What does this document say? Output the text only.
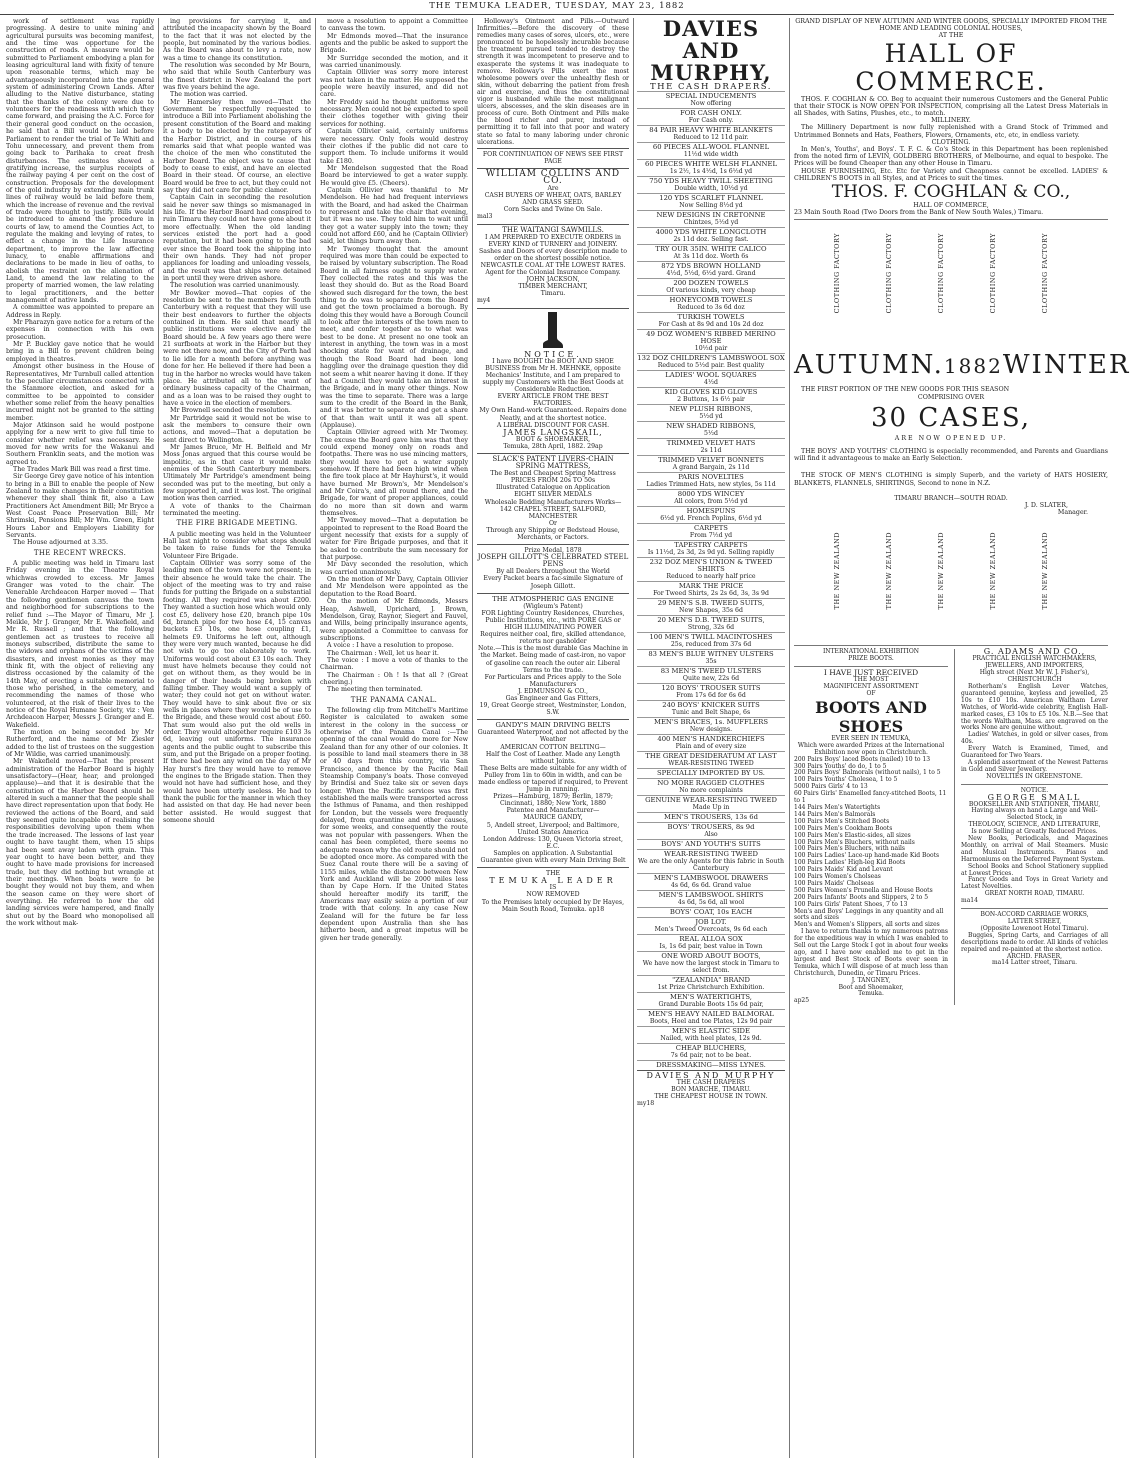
THE TEMUKA LEADER, TUESDAY, MAY 23, 1882

work of settlement was rapidly progressing. A desire to unite mining and agricultural pursuits was becoming manifest, and the time was opportune for the construction of roads. A measure would be submitted to Parliament embodying a plan for leasing agricultural land with fixity of tenure upon reasonable terms, which may be advantageously incorporated into the general system of administering Crown Lands. After alluding to the Native disturbance, stating that the thanks of the colony were due to volunteers for the readiness with which they came forward, and praising the A.C. Force for their general good conduct on the occasion, he said that a Bill would be laid before Parliament to render the trial of Te Whiti and Tohu unnecessary, and prevent them from going back to Parihaka to creat fresh disturbances. The estimates showed a gratifying increase, the surplus receipts of the railway paying 4 per cent on the cost of construction. Proposals for the development of the gold industry by extending main trunk lines of railway would be laid before them, which the increase of revenue and the revival of trade were thought to justify. Bills would be introduced to amend the procedure in courts of law, to amend the Counties Act, to regulate the making and levying of rates, to effect a change in the Life Insurance department, to improve the law affecting lunacy, to enable affirmations and declarations to be made in lieu of oaths, to abolish the restraint on the alienation of Land, to amend the law relating to the property of married women, the law relating to legal practitioners, and the better management of native lands.

A committee was appointed to prepare an Address in Reply.

Mr Pharazyn gave notice for a return of the expenses in connection with his own prosecution.

Mr P. Buckley gave notice that he would bring in a Bill to prevent children being employed in theatres.

Amongst other business in the House of Representatives, Mr Turnbull called attention to the peculiar circumstances connected with the Stanmore election, and asked for a committee to be appointed to consider whether some relief from the heavy penalties incurred might not be granted to the sitting member.

Major Atkinson said he would postpone applying for a new writ to give full time to consider whether relief was necessary. He moved for new writs for the Wakanui and Southern Franklin seats, and the motion was agreed to.

The Trades Mark Bill was read a first time.

Sir George Grey gave notice of his intention to bring in a Bill to enable the people of New Zealand to make changes in their constitution whenever they shall think fit, also a Law Practitioners Act Amendment Bill; Mr Bryce a West Coast Peace Preservation Bill; Mr Shrimski, Pensions Bill; Mr Wm. Green, Eight Hours Labor and Employers Liability for Servants.

The House adjourned at 3.35.

THE RECENT WRECKS.

A public meeting was held in Timaru last Friday evening in the Theatre Royal whichwas crowded to excess. Mr James Granger was voted to the chair. The Venerable Archdeacon Harper moved — That the following gentlemen canvass the town and neighborhood for subscriptions to the relief fund :—The Mayor of Timaru, Mr J. Meikle, Mr J. Granger, Mr E. Wakefield, and Mr R. Russell ; and that the following gentlemen act as trustees to receive all moneys subscribed, distribute the same to the widows and orphans of the victims of the disasters, and invest monies as they may think fit, with the object of relieving any distress occasioned by the calamity of the 14th May, of erecting a suitable memorial to those who perished, in the cemetery, and recommending the names of those who volunteered, at the risk of their lives to the notice of the Royal Humane Society, viz : Ven Archdeacon Harper, Messrs J. Granger and E. Wakefield.

The motion on being seconded by Mr Rutherford, and the name of Mr Ziesler added to the list of trustees on the suggestion of Mr Wildie, was carried unanimously.

Mr Wakefield moved—That the present administration of the Harbor Board is highly unsatisfactory—(Hear, hear, and prolonged applause)—and that it is desirable that the constitution of the Harbor Board should be altered in such a manner that the people shall have direct representation upon that body. He reviewed the actions of the Board, and said they seemed quite incapable of realising the responsibilities devolving upon them when the trade increased. The lessons of last year ought to have taught them, when 15 ships had been sent away laden with grain. This year ought to have been better, and they ought to have made provisions for increased trade, but they did nothing but wrangle at their meetings. When boats were to be bought they would not buy them, and when the season came on they were short of everything. He referred to how the old landing services were hampered, and finally shut out by the Board who monopolised all the work without mak-

ing provisions for carrying it, and attributed the incapacity shown by the Board to the fact that it was not elected by the people, but nominated by the various bodies. As the Board was about to levy a rate, now was a time to change its constitution.

The resolution was seconded by Mr Bourn, who said that while South Canterbury was the finest district in New Zealand the port was five years behind the age.

The motion was carried.

Mr Hamersley then moved—That the Government be respectfully requested to introduce a Bill into Parliament abolishing the present constitution of the Board and making it a body to be elected by the ratepayers of the Harbor District, and in course of his remarks said that what people wanted was the choice of the men who constituted the Harbor Board. The object was to cause that body to cease to exist, and have an elected Board in their stead. Of course, an elective Board would be free to act, but they could not say they did not care for public clamor.

Captain Cain in seconding the resolution said he never saw things so mismanaged in his life. If the Harbor Board had conspired to ruin Timaru they could not have gone about it more effectually. When the old landing services existed the port had a good reputation, but it had been going to the bad ever since the Board took the shipping into their own hands. They had not proper appliances for loading and unloading vessels, and the result was that ships were detained in port until they were driven ashore.

The resolution was carried unanimously.

Mr Bowker moved—That copies of the resolution be sent to the members for South Canterbury with a request that they will use their best endeavors to further the objects contained in them. He said that nearly all public institutions were elective and the Board should be. A few years ago there were 21 surfboats at work in the Harbor but they were not there now, and the City of Perth had to lie idle for a month before anything was done for her. He believed if there had been a tug in the harbor no wrecks would have taken place. He attributed all to the want of ordinary business capacity of the Chairman, and as a loan was to be raised they ought to have a voice in the election of members.

Mr Brownell seconded the resolution.

Mr Partridge said it would not be wise to ask the members to censure their own actions, and moved—That a deputation be sent direct to Wellington.

Mr James Bruce, Mr H. Belfield and Mr Moss Jonas argued that this course would be impolitic, as in that case it would make enemies of the South Canterbury members. Ultimately Mr Partridge's amendment being seconded was put to the meeting, but only a few supported it, and it was lost. The original motion was then carried.

A vote of thanks to the Chairman terminated the meeting.

THE FIRE BRIGADE MEETING.

A public meeting was held in the Volunteer Hall last night to consider what steps should be taken to raise funds for the Temuka Volunteer Fire Brigade.

Captain Ollivier was sorry some of the leading men of the town were not present; in their absence he would take the chair. The object of the meeting was to try and raise funds for putting the Brigade on a substantial footing. All they required was about £200. They wanted a suction hose which would only cost £5, delivery hose £20, branch pipe 10s 6d, branch pipe for two hose £4, 15 canvas buckets £3 10s, one hose coupling £1, helmets £9. Uniforms he left out, although they were very much wanted, because he did not wish to go too elaborately to work. Uniforms would cost about £3 10s each. They must have helmets because they could not get on without them, as they would be in danger of their heads being broken with falling timber. They would want a supply of water; they could not get on without water. They would have to sink about five or six wells in places where they would be of use to the Brigade, and these would cost about £60. That sum would also put the old wells in order. They would altogether require £103 3s 6d, leaving out uniforms. The insurance agents and the public ought to subscribe this sum, and put the Brigade on a proper footing. If there had been any wind on the day of Mr Hay hurst's fire they would have to remove the engines to the Brigade station. Then they would not have had sufficient hose, and they would have been utterly useless. He had to thank the public for the manner in which they had assisted on that day. He had never been better assisted. He would suggest that someone should

move a resolution to appoint a Committee to canvass the town.

Mr Edmonds moved—That the insurance agents and the public be asked to support the Brigade.

Mr Surridge seconded the motion, and it was carried unanimously.

Captain Ollivier was sorry more interest was not taken in the matter. He supposed the people were heavily insured, and did not care.

Mr Freddy said he thought uniforms were necessary. Men could not be expected to spoil their clothes together with giving their services for nothing.

Captain Ollivier said, certainly uniforms were necessary. Only fools would destroy their clothes if the public did not care to support them. To include uniforms it would take £180.

Mr Mendelson suggested that the Road Board be interviewed to get a water supply. He would give £5. (Cheers).

Captain Ollivier was thankful to Mr Mendelson. He had had frequent interviews with the Board, and had asked the Chairman to represent and take the chair that evening, but it was no use. They told him to wait until they got a water supply into the town; they could not afford £60, and he (Captain Ollivier) said, let things burn away then.

Mr Twomey thought that the amount required was more than could be expected to be raised by voluntary subscription. The Road Board in all fairness ought to supply water. They collected the rates and this was the least they should do. But as the Road Board showed such disregard for the town, the best thing to do was to separate from the Board and get the town proclaimed a borough. By doing this they would have a Borough Council to look after the interests of the town men to meet, and confer together as to what was best to be done. At present no one took an interest in anything, the town was in a most shocking state for want of drainage, and though the Road Board had been long haggling over the drainage question they did not seem a whit nearer having it done. If they had a Council they would take an interest in the Brigade, and in many other things. Now was the time to separate. There was a large sum to the credit of the Board in the Bank, and it was better to separate and get a share of that than wait until it was all spent. (Applause).

Captain Ollivier agreed with Mr Twomey. The excuse the Board gave him was that they could expend money only on roads and footpaths. There was no use mincing matters, they would have to get a water supply somehow. If there had been high wind when the fire took place at Mr Hayhurst's, it would have burned Mr Brown's, Mr Mendelson's and Mr Coira's, and all round there, and the Brigade, for want of proper appliances, could do no more than sit down and warm themselves.

Mr Twomey moved—That a deputation be appointed to represent to the Road Board the urgent necessity that exists for a supply of water for Fire Brigade purposes, and that it be asked to contribute the sum necessary for that purpose.

Mr Davy seconded the resolution, which was carried unanimously.

On the motion of Mr Davy, Captain Ollivier and Mr Mendelson were appointed as the deputation to the Road Board.

On the motion of Mr Edmonds, Messrs Heap, Ashwell, Uprichard, J. Brown, Mendelson, Gray, Raynor, Siegert and Fauvel, and Wills, being principally insurance agents, were appointed a Committee to canvass for subscriptions.

A voice : I have a resolution to propose.

The Chairman : Well, let us hear it.

The voice : I move a vote of thanks to the Chairman.

The Chairman : Oh ! Is that all ? (Great cheering.)

The meeting then terminated.

THE PANAMA CANAL.

The following clip from Mitchell's Maritime Register is calculated to awaken some interest in the colony in the success or otherwise of the Panama Canal :—The opening of the canal would do more for New Zealand than for any other of our colonies. It is possible to land mail steamers there in 38 or 40 days from this country, via San Francisco, and thence by the Pacific Mail Steamship Company's boats. Those conveyed by Brindisi and Suez take six or seven days longer. When the Pacific services was first established the mails were transported across the Isthmus of Panama, and then reshipped for London, but the vessels were frequently delayed, from quarantine and other causes, for some weeks, and consequently the route was not popular with passengers. When the canal has been completed, there seems no adequate reason why the old route should not be adopted once more. As compared with the Suez Canal route there will be a saving of 1155 miles, while the distance between New York and Auckland will be 2000 miles less than by Cape Horn. If the United States should hereafter modify its tariff, the Americans may easily seize a portion of our trade with that colony. In any case New Zealand will for the future be far less dependent upon Australia than she has hitherto been, and a great impetus will be given her trade generally.

Holloway's Ointment and Pills.—Outward Infirmities.—Before the discovery of these remedies many cases of sores, ulcers, etc., were pronounced to be hopelessly incurable because the treatment pursued tended to destroy the strength it was incompetent to preserve and to exasperate the systems it was inadequate to remove. Holloway's Pills exert the most wholesome powers over the unhealthy flesh or skin, without debarring the patient from fresh air and exercise, and thus the constitutional vigor is husbanded while the most malignant ulcers, abscesses, and the skin diseases are in process of cure. Both Ointment and Pills make the blood richer and purer, instead of permitting it to fall into that poor and watery state so fatal to many laboring under chronic ulcerations.

FOR CONTINUATION OF NEWS SEE FIRST PAGE
WILLIAM COLLINS AND CO.
Are
CASH BUYERS OF WHEAT, OATS, BARLEY AND GRASS SEED.
Corn Sacks and Twine On Sale.
mal3
THE WAITANGI SAWMILLS.
I AM PREPARED TO EXECUTE ORDERS in EVERY KIND of TURNERY and JOINERY.
Sashes and Doors of every description made to order on the shortest possible notice.
NEWCASTLE COAL AT THE LOWEST RATES.
Agent for the Colonial Insurance Company.
JOHN JACKSON,
TIMBER MERCHANT,
Timaru.
my4
NOTICE.
I have BOUGHT the BOOT AND SHOE BUSINESS from Mr H. MEHNKE, opposite Mechanics' Institute, and I am prepared to supply my Customers with the Best Goods at Considerable Reduction.
EVERY ARTICLE FROM THE BEST FACTORIES.
My Own Hand-work Guaranteed. Repairs done Neatly, and at the shortest notice.
A LIBERAL DISCOUNT FOR CASH.
JAMES LANGSKAIL,
BOOT & SHOEMAKER,
Temuka, 28th April, 1882. 29ap
SLACK'S PATENT LIVERS-CHAIN SPRING MATTRESS,
The Best and Cheapest Spring Mattress
PRICES FROM 20s TO 50s
Illustrated Catalogue on Application
EIGHT SILVER MEDALS
Wholesale Bedding Manufacturers Works—
142 CHAPEL STREET, SALFORD, MANCHESTER
Or
Through any Shipping or Bedstead House, Merchants, or Factors.
Prize Medal, 1878
JOSEPH GILLOTT'S CELEBRATED STEEL PENS
By all Dealers throughout the World
Every Packet bears a fac-simile Signature of Joseph Gillott.
THE ATMOSPHERIC GAS ENGINE
(Wigleum's Patent)
FOR Lighting Country Residences, Churches, Public Institutions, etc., with PORE GAS or HIGH ILLUMINATING POWER
Requires neither coal, fire, skilled attendance, retorts nor gasholder
Note.—This is the most durable Gas Machine in the Market. Being made of cast-iron, no vapor of gasoline can reach the outer air. Liberal Terms to the trade.
For Particulars and Prices apply to the Sole Manufacturers
J. EDMUNSON & CO.,
Gas Engineer and Gas Fitters,
19, Great George street, Westminster, London, S.W.
GANDY'S MAIN DRIVING BELTS
Guaranteed Waterproof, and not affected by the Weather
AMERICAN COTTON BELTING—
Half the Cost of Leather. Made any Length without Joints.
These Belts are made suitable for any width of Pulley from 1in to 60in in width, and can be made endless or tapered if required, to Prevent Jump in running.
Prizes—Hamburg, 1879; Berlin, 1879; Cincinnati, 1880; New York, 1880
Patentee and Manufacturer—
MAURICE GANDY,
5, Andell street, Liverpool; and Baltimore, United States America
London Address: 130, Queen Victoria street, E.C.
Samples on application. A Substantial Guarantee given with every Main Driving Belt
THE
TEMUKA LEADER
IS
NOW REMOVED
To the Premises lately occupied by Dr Hayes,
Main South Road, Temuka. ap18
DAVIES AND
MURPHY,
THE CASH DRAPERS.
SPECIAL INDUCEMENTS
Now offering
FOR CASH ONLY.
For Cash only.
84 PAIR HEAVY WHITE BLANKETS
Reduced to 12 11d pair.
60 PIECES ALL-WOOL FLANNEL
11½d wide width
60 PIECES WHITE WELSH FLANNEL
1s 2½, 1s 4½d, 1s 6½d yd
750 YDS HEAVY TWILL SHEETING
Double width, 10½d yd
120 YDS SCARLET FLANNEL
Now Selling 8½d yd
NEW DESIGNS IN CRETONNE
Chintzes, 5½d yd
4000 YDS WHITE LONGCLOTH
2s 11d doz. Selling fast.
TRY OUR 35IN. WHITE CALICO
At 3s 11d doz. Worth 6s
872 YDS BROWN HOLLAND
4½d, 5½d, 6½d yard. Grand
200 DOZEN TOWELS
Of various kinds, very cheap
HONEYCOMB TOWELS
Reduced to 3s 6d doz
TURKISH TOWELS
For Cash at 8s 9d and 10s 2d doz
49 DOZ WOMEN'S RIBBED MERINO HOSE
10½d pair
132 DOZ CHILDREN'S LAMBSWOOL SOX
Reduced to 5½d pair. Best quality
LADIES' WOOL SQUARES
4½d
KID GLOVES KID GLOVES
2 Buttons, 1s 6½ pair
NEW PLUSH RIBBONS,
5½d yd
NEW SHADED RIBBONS,
5½d
TRIMMED VELVET HATS
2s 11d
TRIMMED VELVET BONNETS
A grand Bargain, 2s 11d
PARIS NOVELTIES
Ladies Trimmed Hats, new styles, 5s 11d
8000 YDS WINCEY
All colors, from 5½d yd
HOMESPUNS
6½d yd. French Poplins, 6½d yd
CARPETS
From 7½d yd
TAPESTRY CARPETS
Is 11½d, 2s 3d, 2s 9d yd. Selling rapidly
232 DOZ MEN'S UNION & TWEED SHIRTS
Reduced to nearly half price
MARK THE PRICE
For Tweed Shirts, 2s 2s 6d, 3s, 3s 9d
29 MEN'S S.B. TWEED SUITS,
New Shapes, 35s 6d
20 MEN'S D.B. TWEED SUITS,
Strong, 32s 6d
100 MEN'S TWILL MACINTOSHES
25s, reduced from 37s 6d
83 MEN'S BLUE WITNEY ULSTERS
35s
83 MEN'S TWEED ULSTERS
Quite new, 22s 6d
120 BOYS' TROUSER SUITS
From 17s 6d for 6s 6d
240 BOYS' KNICKER SUITS
Tunic and Belt Shape, 6s
MEN'S BRACES, 1s. MUFFLERS
New designs.
400 MEN'S HANDKERCHIEFS
Plain and of every size
THE GREAT DESIDERATUM AT LAST
WEAR-RESISTING TWEED
SPECIALLY IMPORTED BY US.
NO MORE RAGGED CLOTHES
No more complaints
GENUINE WEAR-RESISTING TWEED
Made Up in
MEN'S TROUSERS, 13s 6d
BOYS' TROUSERS, 8s 9d
Also
BOYS' AND YOUTH'S SUITS
WEAR-RESISTING TWEED
We are the only Agents for this fabric in South Canterbury
MEN'S LAMBSWOOL DRAWERS
4s 6d, 6s 6d. Grand value
MEN'S LAMBSWOOL SHIRTS
4s 6d, 5s 6d, all wool
BOYS' COAT, 10s EACH
JOB LOT.
Men's Tweed Overcoats, 9s 6d each
REAL ALLOA SOX
Is, 1s 6d pair, best value in Town
ONE WORD ABOUT BOOTS,
We have now the largest stock in Timaru to select from.
"ZEALANDIA" BRAND
1st Prize Christchurch Exhibition.
MEN'S WATERTIGHTS,
Grand Durable Boots 15s 6d pair,
MEN'S HEAVY NAILED BALMORAL
Boots, Heel and toe Plates, 12s 9d pair
MEN'S ELASTIC SIDE
Nailed, with heel plates, 12s 9d.
CHEAP BLUCHERS,
7s 6d pair, not to be beat.
DRESSMAKING—MISS LYNES.
DAVIES AND MURPHY
THE CASH DRAPERS
BON MARCHE, TIMARU.
THE CHEAPEST HOUSE IN TOWN.
my18
GRAND DISPLAY OF NEW AUTUMN AND WINTER GOODS, SPECIALLY IMPORTED FROM THE HOME AND LEADING COLONIAL HOUSES,
AT THE
HALL OF COMMERCE.

THOS. F. COGHLAN & CO. Beg to acquaint their numerous Customers and the General Public that their STOCK is NOW OPEN FOR INSPECTION, comprising all the Latest Dress Materials in all Shades, with Satins, Plushes, etc., to match.

MILLINERY.

The Millinery Department is now fully replenished with a Grand Stock of Trimmed and Untrimmed Bonnets and Hats, Feathers, Flowers, Ornaments, etc, etc, in endless variety.

CLOTHING.

In Men's, Youths', and Boys'. T. F. C. & Co's Stock in this Department has been replenished from the noted firm of LEVIN, GOLDBERG BROTHERS, of Melbourne, and equal to bespoke. The Prices will be found Cheaper than any other House in Timaru.

HOUSE FURNISHING, Etc. Etc for Variety and Cheapness cannot be excelled. LADIES' & CHILDREN'S BOOTS in all Styles, and at Prices to suit the times.

THOS. F. COGHLAN & CO.,
HALL OF COMMERCE,
23 Main South Road (Two Doors from the Bank of New South Wales,) Timaru.
CLOTHING FACTORY	CLOTHING FACTORY	CLOTHING FACTORY	CLOTHING FACTORY	CLOTHING FACTORY
AUTUMN. 1882 WINTER

THE FIRST PORTION OF THE NEW GOODS FOR THIS SEASON

COMPRISING OVER
30 CASES,
ARE NOW OPENED UP.

THE BOYS' AND YOUTHS' CLOTHING is especially recommended, and Parents and Guardians will find it advantageous to make an Early Selection.

THE STOCK OF MEN'S CLOTHING is simply Superb, and the variety of HATS HOSIERY, BLANKETS, FLANNELS, SHIRTINGS, Second to none in N.Z.

TIMARU BRANCH—SOUTH ROAD.
J. D. SLATER,
Manager.
THE NEW ZEALAND	THE NEW ZEALAND	THE NEW ZEALAND	THE NEW ZEALAND	THE NEW ZEALAND
INTERNATIONAL EXHIBITION
PRIZE BOOTS.
I HAVE JUST RECEIVED
THE MOST
MAGNIFICENT ASSORTMENT
OF
BOOTS AND SHOES
EVER SEEN IN TEMUKA,
Which were awarded Prizes at the International Exhibition now open in Christchurch.
200 Pairs Boys' laced Boots (nailed) 10 to 13
300 Pairs Youths' do do, 1 to 5
200 Pairs Boys' Balmorals (without nails), 1 to 5
100 Pairs Youths' Cholesea, 1 to 5
5000 Pairs Girls' 4 to 13
60 Pairs Girls' Enamelled fancy-stitched Boots, 11 to 1
144 Pairs Men's Watertights
144 Pairs Men's Balmorals
100 Pairs Men's Stitched Boots
100 Pairs Men's Cookham Boots
100 Pairs Men's Elastic-sides, all sizes
100 Pairs Men's Bluchers, without nails
100 Pairs Men's Bluchers, with nails
100 Pairs Ladies' Lace-up hand-made Kid Boots
100 Pairs Ladies' High-leg Kid Boots
100 Pairs Maids' Kid and Levant
100 Pairs Women's Cholseas
100 Pairs Maids' Cholseas
500 Pairs Women's Prunella and House Boots
200 Pairs Infants' Boots and Slippers, 2 to 5
100 Pairs Girls' Patent Shoes, 7 to 13
Men's and Boys' Leggings in any quantity and all sorts and sizes
Men's and Women's Slippers, all sorts and sizes

I have to return thanks to my numerous patrons for the expeditious way in which I was enabled to Sell out the Large Stock I got in about four weeks ago, and I have now enabled me to get in the largest and Best Stock of Boots ever seen in Temuka, which I will dispose of at much less than Christchurch, Dunedin, or Timaru Prices.

J. TANGNEY,
Boot and Shoemaker,
Temuka.
ap25
G. ADAMS AND CO.,
PRACTICAL ENGLISH WATCHMAKERS, JEWELLERS, AND IMPORTERS,
High street (Next Mr W. J. Fisher's), CHRISTCHURCH

Rotherham's English Lever Watches, guaranteed genuine, keyless and jewelled, 25 10s to £10 10s. American Waltham Lever Watches, of World-wide celebrity, English Hall-marked cases, £3 10s to £5 10s. N.B.—See that the words Waltham, Mass. are engraved on the works None are genuine without.

Ladies' Watches, in gold or silver cases, from 40s.

Every Watch is Examined, Timed, and Guaranteed for Two Years.

A splendid assortment of the Newest Patterns in Gold and Silver Jewellery.

NOVELTIES IN GREENSTONE.
NOTICE.
GEORGE SMALL
BOOKSELLER AND STATIONER, TIMARU,
Having always on hand a Large and Well-Selected Stock, in
THEOLOGY, SCIENCE, AND LITERATURE,
Is now Selling at Greatly Reduced Prices.

New Books, Periodicals, and Magazines Monthly, on arrival of Mail Steamers. Music and Musical Instruments. Pianos and Harmoniums on the Deferred Payment System.

School Books and School Stationery supplied at Lowest Prices.

Fancy Goods and Toys in Great Variety and Latest Novelties.

GREAT NORTH ROAD, TIMARU.
ma14
BON-ACCORD CARRIAGE WORKS,
LATTER STREET,
(Opposite Lowenoot Hotel Timaru).

Buggies, Spring Carts, and Carriages of all descriptions made to order. All kinds of vehicles repaired and re-painted at the shortest notice.

ARCHD. FRASER,
ma14 Latter street, Timaru.
